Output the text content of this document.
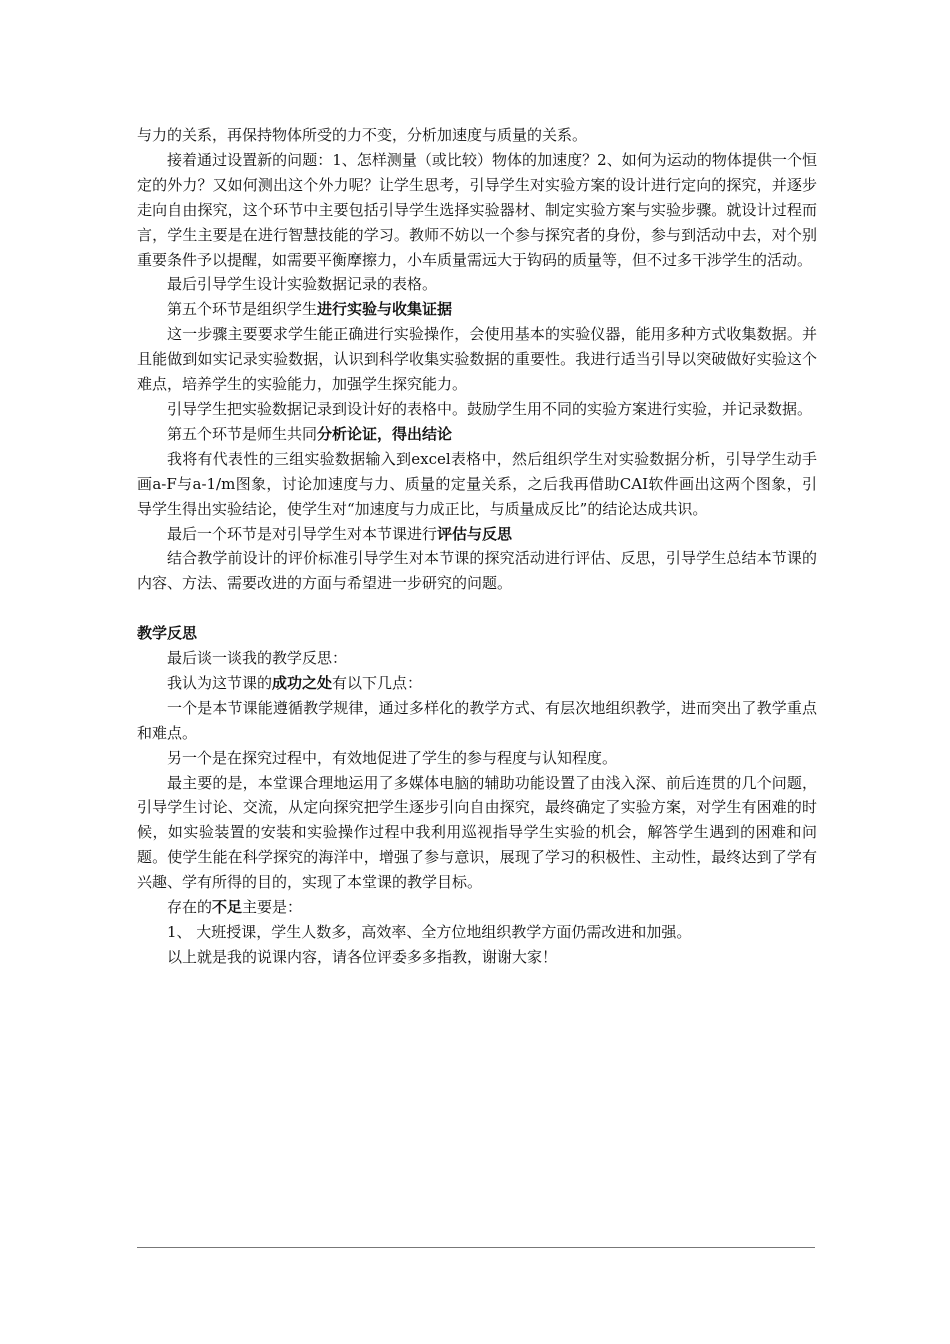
与力的关系，再保持物体所受的力不变，分析加速度与质量的关系。

接着通过设置新的问题：1、怎样测量（或比较）物体的加速度？2、如何为运动的物体提供一个恒定的外力？又如何测出这个外力呢？让学生思考，引导学生对实验方案的设计进行定向的探究，并逐步走向自由探究，这个环节中主要包括引导学生选择实验器材、制定实验方案与实验步骤。就设计过程而言，学生主要是在进行智慧技能的学习。教师不妨以一个参与探究者的身份，参与到活动中去，对个别重要条件予以提醒，如需要平衡摩擦力，小车质量需远大于钩码的质量等，但不过多干涉学生的活动。

最后引导学生设计实验数据记录的表格。

第五个环节是组织学生进行实验与收集证据

这一步骤主要要求学生能正确进行实验操作，会使用基本的实验仪器，能用多种方式收集数据。并且能做到如实记录实验数据，认识到科学收集实验数据的重要性。我进行适当引导以突破做好实验这个难点，培养学生的实验能力，加强学生探究能力。

引导学生把实验数据记录到设计好的表格中。鼓励学生用不同的实验方案进行实验，并记录数据。

第五个环节是师生共同分析论证，得出结论

我将有代表性的三组实验数据输入到excel表格中，然后组织学生对实验数据分析，引导学生动手画a-F与a-1/m图象，讨论加速度与力、质量的定量关系，之后我再借助CAI软件画出这两个图象，引导学生得出实验结论，使学生对“加速度与力成正比，与质量成反比”的结论达成共识。

最后一个环节是对引导学生对本节课进行评估与反思

结合教学前设计的评价标准引导学生对本节课的探究活动进行评估、反思，引导学生总结本节课的内容、方法、需要改进的方面与希望进一步研究的问题。

教学反思

最后谈一谈我的教学反思：

我认为这节课的成功之处有以下几点：

一个是本节课能遵循教学规律，通过多样化的教学方式、有层次地组织教学，进而突出了教学重点和难点。

另一个是在探究过程中，有效地促进了学生的参与程度与认知程度。

最主要的是，本堂课合理地运用了多媒体电脑的辅助功能设置了由浅入深、前后连贯的几个问题，引导学生讨论、交流，从定向探究把学生逐步引向自由探究，最终确定了实验方案，对学生有困难的时候，如实验装置的安装和实验操作过程中我利用巡视指导学生实验的机会，解答学生遇到的困难和问题。使学生能在科学探究的海洋中，增强了参与意识，展现了学习的积极性、主动性，最终达到了学有兴趣、学有所得的目的，实现了本堂课的教学目标。

存在的不足主要是：

1、 大班授课，学生人数多，高效率、全方位地组织教学方面仍需改进和加强。

以上就是我的说课内容，请各位评委多多指教，谢谢大家！
